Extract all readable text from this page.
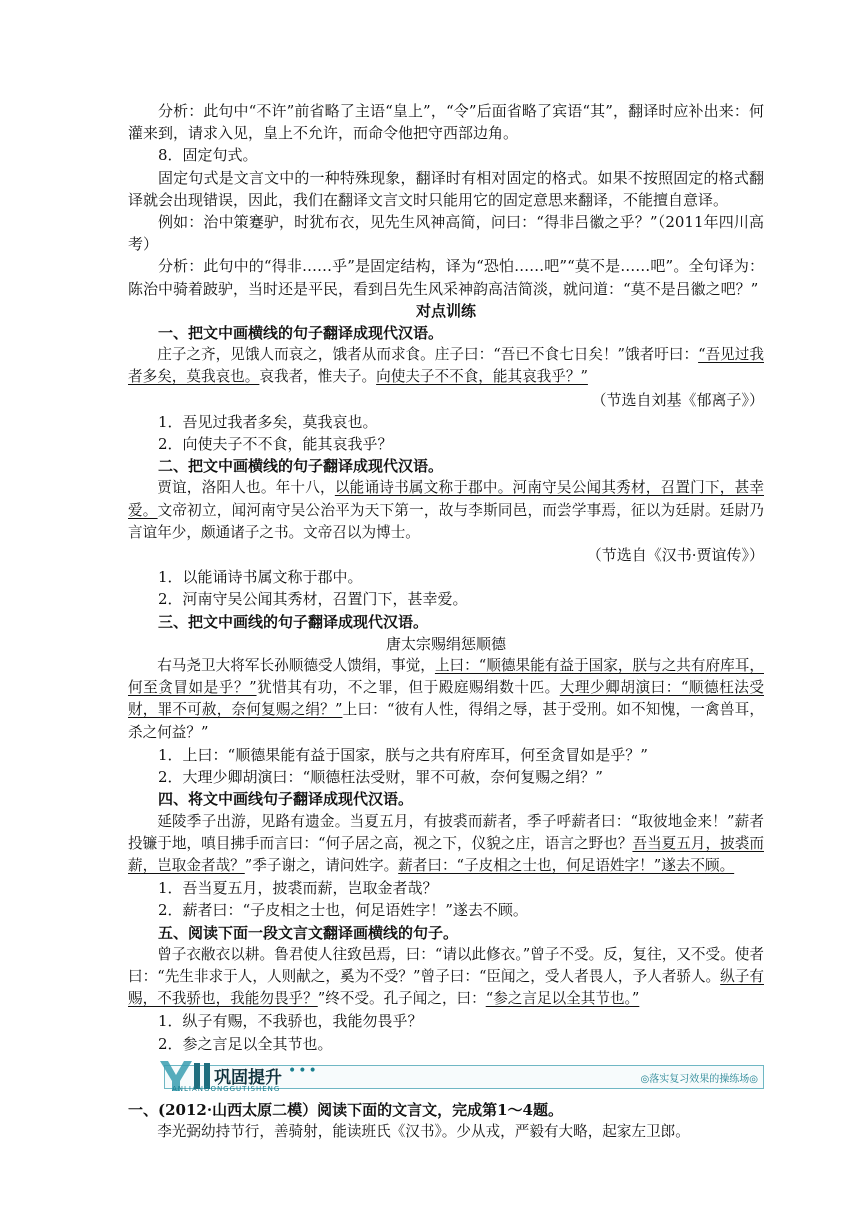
分析：此句中“不许”前省略了主语“皇上”，“令”后面省略了宾语“其”，翻译时应补出来：何灌来到，请求入见，皇上不允许，而命令他把守西部边角。

8．固定句式。

固定句式是文言文中的一种特殊现象，翻译时有相对固定的格式。如果不按照固定的格式翻译就会出现错误，因此，我们在翻译文言文时只能用它的固定意思来翻译，不能擅自意译。

例如：治中策蹇驴，时犹布衣，见先生风神高简，问曰：“得非吕徽之乎？”（2011年四川高考）

分析：此句中的“得非……乎”是固定结构，译为“恐怕……吧”“莫不是……吧”。全句译为：陈治中骑着跛驴，当时还是平民，看到吕先生风采神韵高洁简淡，就问道：“莫不是吕徽之吧？”

对点训练

一、把文中画横线的句子翻译成现代汉语。

庄子之齐，见饿人而哀之，饿者从而求食。庄子曰：“吾已不食七日矣！”饿者吁曰：“吾见过我者多矣，莫我哀也。哀我者，惟夫子。向使夫子不不食，能其哀我乎？”

（节选自刘基《郁离子》）

1．吾见过我者多矣，莫我哀也。

2．向使夫子不不食，能其哀我乎？

二、把文中画横线的句子翻译成现代汉语。

贾谊，洛阳人也。年十八，以能诵诗书属文称于郡中。河南守吴公闻其秀材，召置门下，甚幸爱。文帝初立，闻河南守吴公治平为天下第一，故与李斯同邑，而尝学事焉，征以为廷尉。廷尉乃言谊年少，颇通诸子之书。文帝召以为博士。

（节选自《汉书·贾谊传》）

1．以能诵诗书属文称于郡中。

2．河南守吴公闻其秀材，召置门下，甚幸爱。

三、把文中画线的句子翻译成现代汉语。

唐太宗赐绢惩顺德

右马尧卫大将军长孙顺德受人馈绢，事觉，上曰：“顺德果能有益于国家，朕与之共有府库耳，何至贪冒如是乎？”犹惜其有功，不之罪，但于殿庭赐绢数十匹。大理少卿胡演曰：“顺德枉法受财，罪不可赦，奈何复赐之绢？”上曰：“彼有人性，得绢之辱，甚于受刑。如不知愧，一禽兽耳，杀之何益？”

1．上曰：“顺德果能有益于国家，朕与之共有府库耳，何至贪冒如是乎？”

2．大理少卿胡演曰：“顺德枉法受财，罪不可赦，奈何复赐之绢？”

四、将文中画线句子翻译成现代汉语。

延陵季子出游，见路有遗金。当夏五月，有披裘而薪者，季子呼薪者曰：“取彼地金来！”薪者投镰于地，嗔目拂手而言曰：“何子居之高，视之下，仪貌之庄，语言之野也？吾当夏五月，披裘而薪，岂取金者哉？”季子谢之，请问姓字。薪者曰：“子皮相之士也，何足语姓字！”遂去不顾。

1．吾当夏五月，披裘而薪，岂取金者哉？

2．薪者曰：“子皮相之士也，何足语姓字！”遂去不顾。

五、阅读下面一段文言文翻译画横线的句子。

曾子衣敝衣以耕。鲁君使人往致邑焉，曰：“请以此修衣。”曾子不受。反，复往，又不受。使者曰：“先生非求于人，人则献之，奚为不受？”曾子曰：“臣闻之，受人者畏人，予人者骄人。纵子有赐，不我骄也，我能勿畏乎？”终不受。孔子闻之，曰：“参之言足以全其节也。”

1．纵子有赐，不我骄也，我能勿畏乎？

2．参之言足以全其节也。

巩固提升 •••
ANLIANGONGGUTISHENG
◎落实复习效果的操练场◎

一、(2012·山西太原二模）阅读下面的文言文，完成第1～4题。

李光弼幼持节行，善骑射，能读班氏《汉书》。少从戎，严毅有大略，起家左卫郎。
